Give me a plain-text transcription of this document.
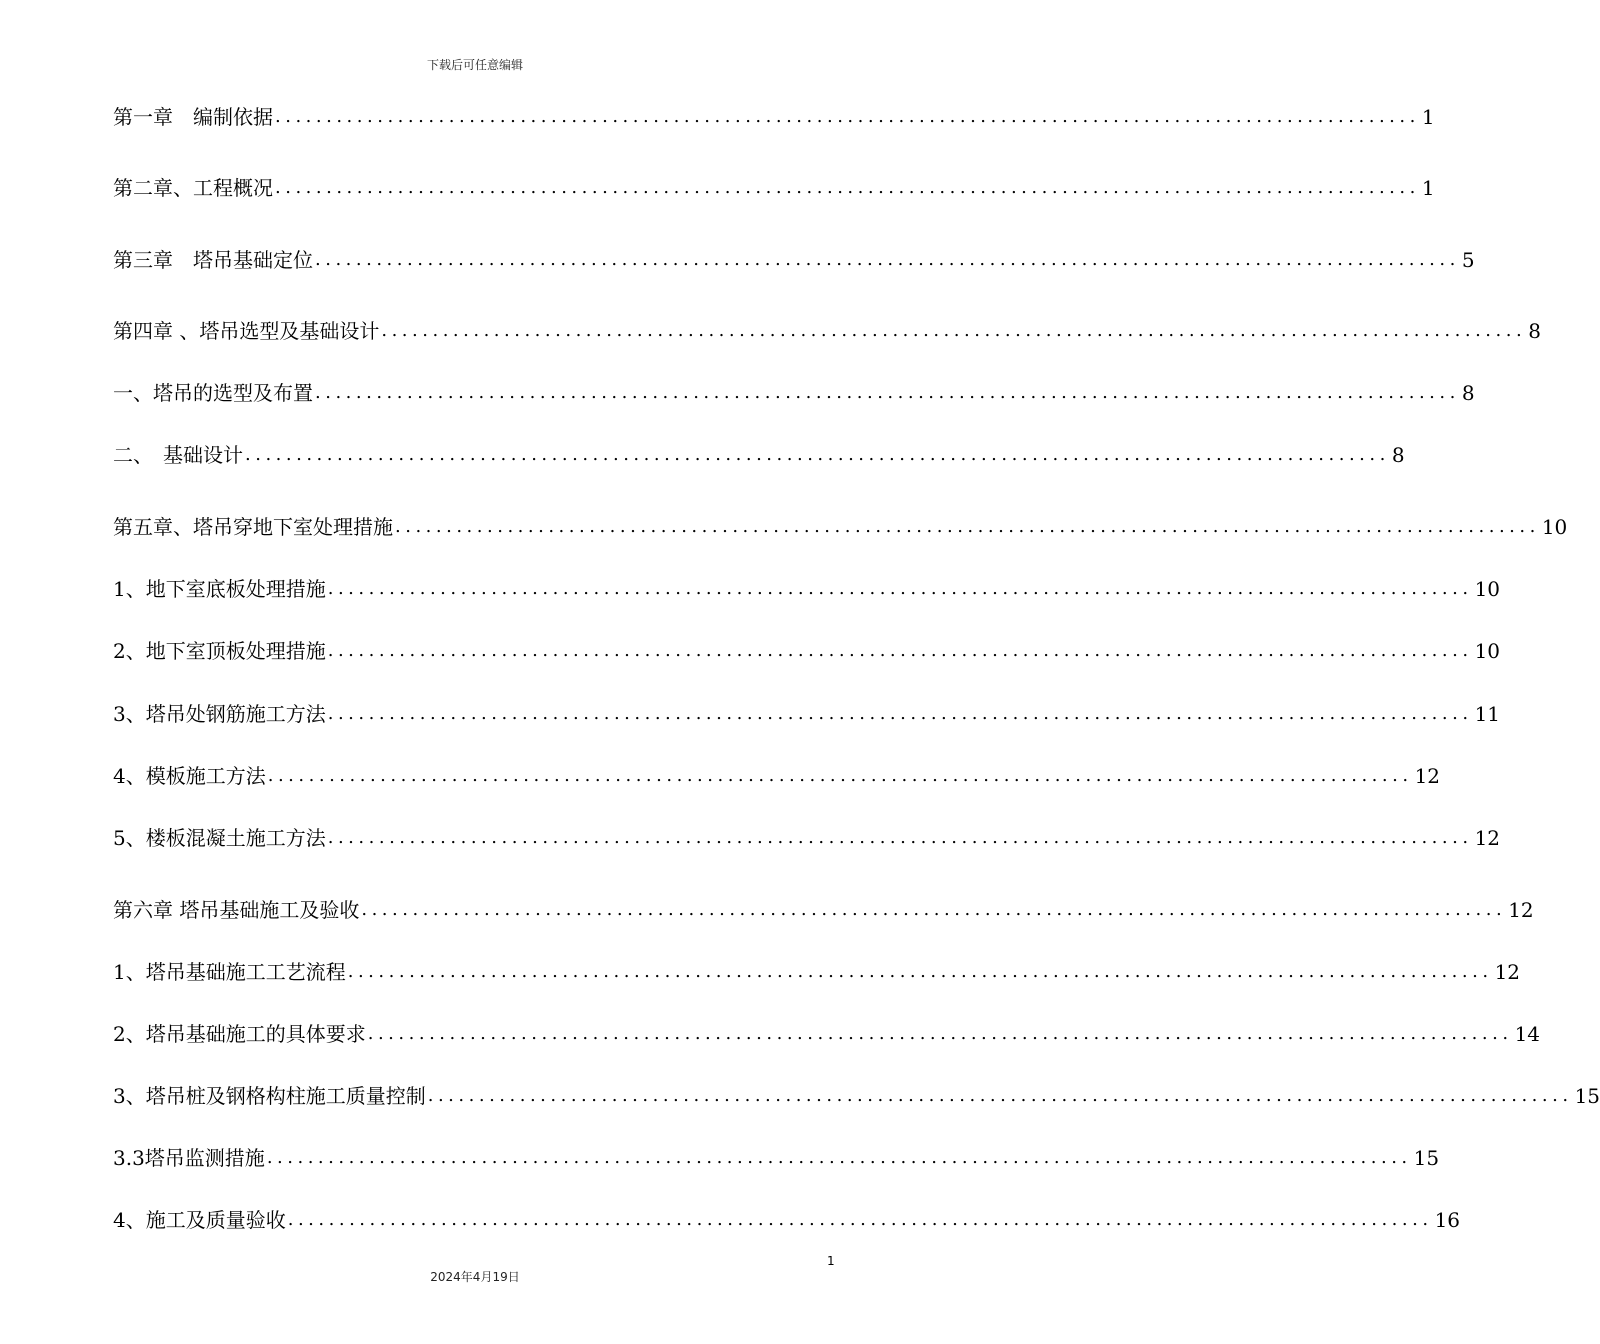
下载后可任意编辑
第一章　编制依据 ................................................................................................................ 1
第二章、工程概况 ................................................................................................................ 1
第三章　塔吊基础定位 ................................................................................................................ 5
第四章 、塔吊选型及基础设计 ................................................................................................................ 8
一、塔吊的选型及布置 ................................................................................................................ 8
二、　基础设计 ................................................................................................................ 8
第五章、塔吊穿地下室处理措施 ................................................................................................................ 10
1、地下室底板处理措施 ................................................................................................................ 10
2、地下室顶板处理措施 ................................................................................................................ 10
3、塔吊处钢筋施工方法 ................................................................................................................ 11
4、模板施工方法 ................................................................................................................ 12
5、楼板混凝土施工方法 ................................................................................................................ 12
第六章 塔吊基础施工及验收 ................................................................................................................ 12
1、塔吊基础施工工艺流程 ................................................................................................................ 12
2、塔吊基础施工的具体要求 ................................................................................................................ 14
3、塔吊桩及钢格构柱施工质量控制 ................................................................................................................ 15
3.3塔吊监测措施 ................................................................................................................ 15
4、施工及质量验收 ................................................................................................................ 16
1
2024年4月19日
